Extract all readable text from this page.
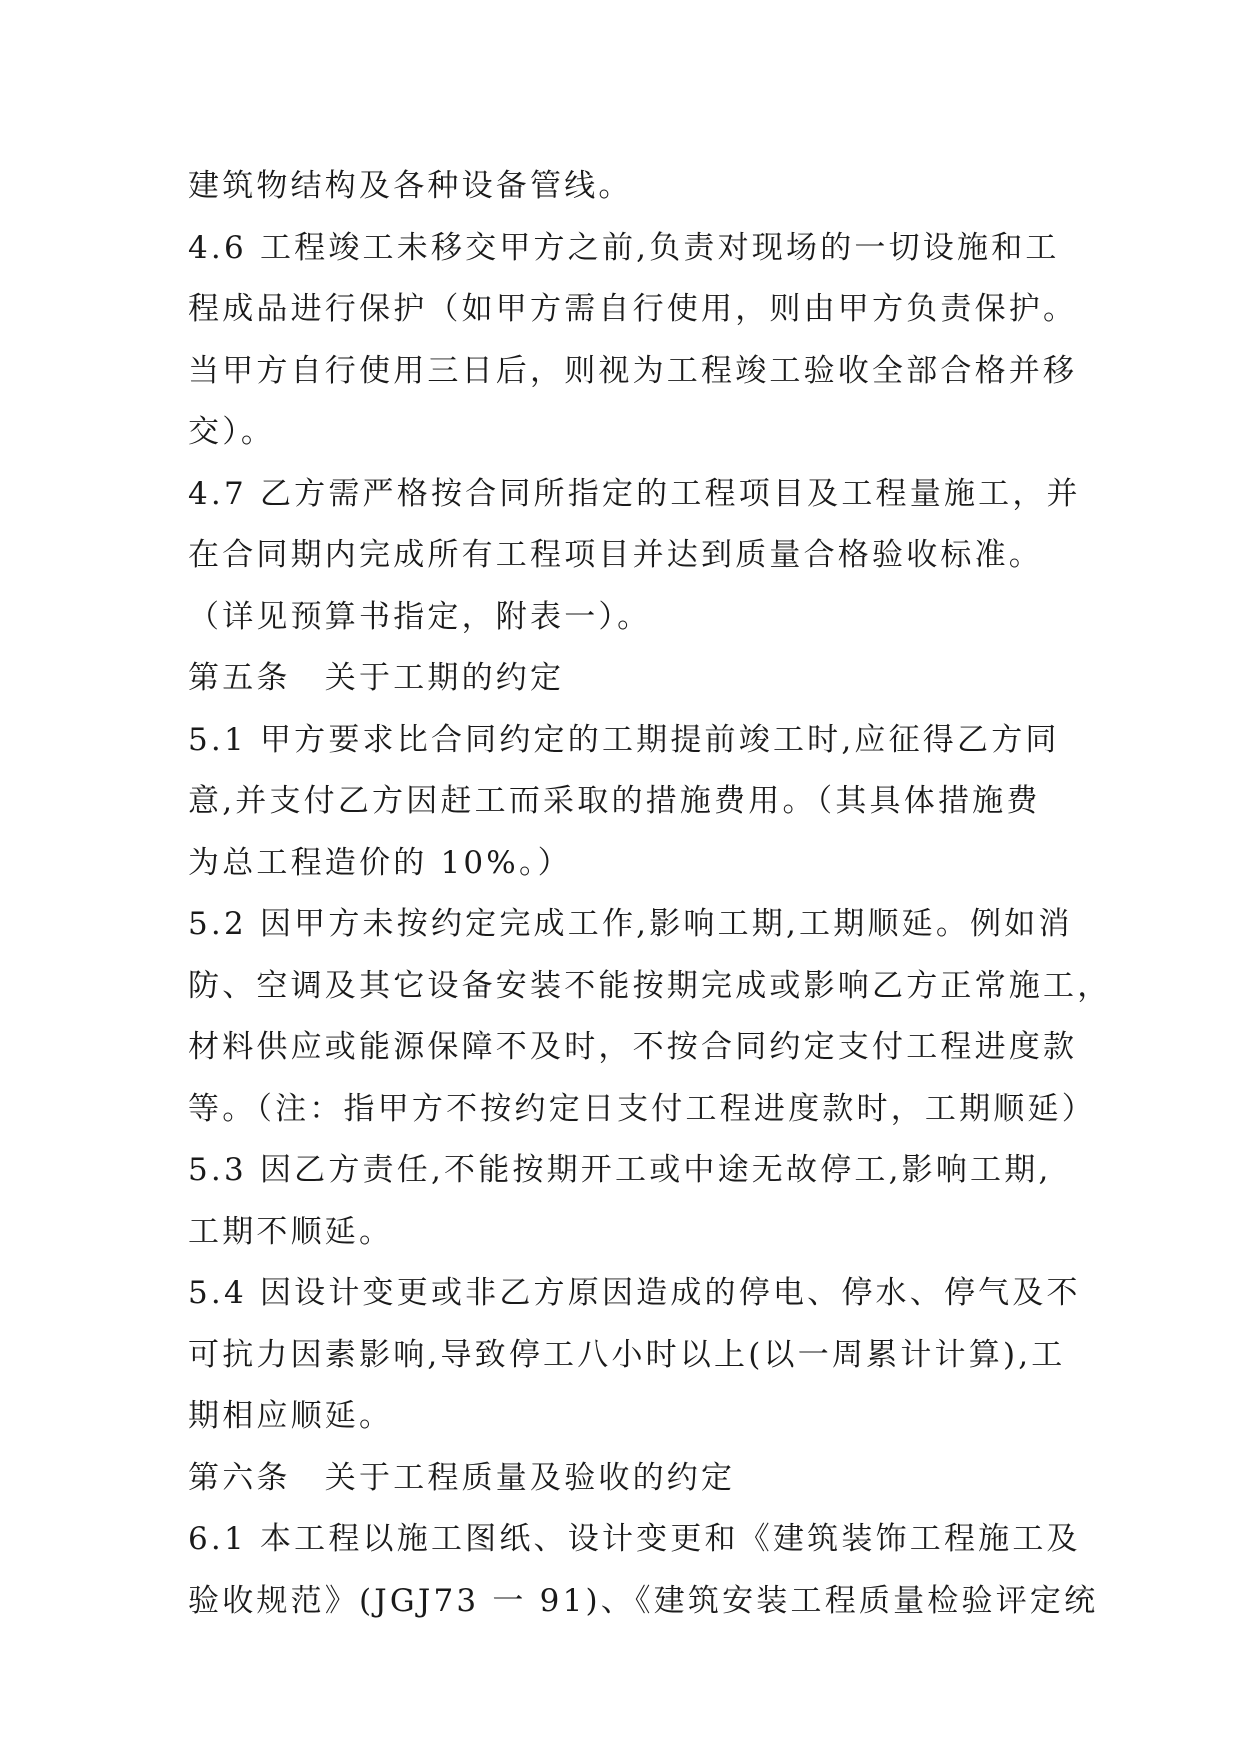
建筑物结构及各种设备管线。
4.6 工程竣工未移交甲方之前,负责对现场的一切设施和工
程成品进行保护（如甲方需自行使用，则由甲方负责保护。
当甲方自行使用三日后，则视为工程竣工验收全部合格并移
交）。
4.7 乙方需严格按合同所指定的工程项目及工程量施工，并
在合同期内完成所有工程项目并达到质量合格验收标准。
（详见预算书指定，附表一）。
第五条　关于工期的约定
5.1 甲方要求比合同约定的工期提前竣工时,应征得乙方同
意,并支付乙方因赶工而采取的措施费用。（其具体措施费
为总工程造价的 10%。）
5.2 因甲方未按约定完成工作,影响工期,工期顺延。例如消
防、空调及其它设备安装不能按期完成或影响乙方正常施工，
材料供应或能源保障不及时，不按合同约定支付工程进度款
等。（注：指甲方不按约定日支付工程进度款时，工期顺延）
5.3 因乙方责任,不能按期开工或中途无故停工,影响工期,
工期不顺延。
5.4 因设计变更或非乙方原因造成的停电、停水、停气及不
可抗力因素影响,导致停工八小时以上(以一周累计计算),工
期相应顺延。
第六条　关于工程质量及验收的约定
6.1 本工程以施工图纸、设计变更和《建筑装饰工程施工及
验收规范》(JGJ73 一 91)、《建筑安装工程质量检验评定统
